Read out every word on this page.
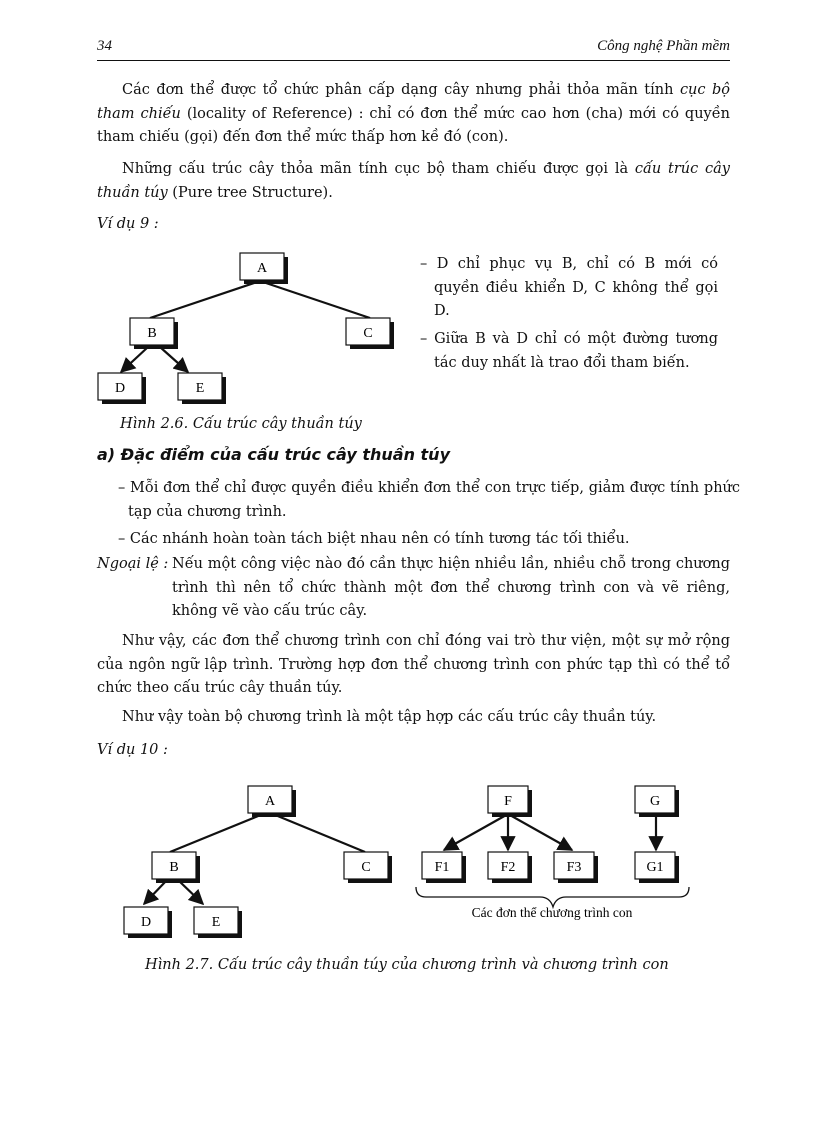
34	Công nghệ Phần mềm
Các đơn thể được tổ chức phân cấp dạng cây nhưng phải thỏa mãn tính cục bộ tham chiếu (locality of Reference) : chỉ có đơn thể mức cao hơn (cha) mới có quyền tham chiếu (gọi) đến đơn thể mức thấp hơn kề đó (con).
Những cấu trúc cây thỏa mãn tính cục bộ tham chiếu được gọi là cấu trúc cây thuần túy (Pure tree Structure).
Ví dụ 9 :
A
B	C
D	E
– D chỉ phục vụ B, chỉ có B mới có quyền điều khiển D, C không thể gọi D.
– Giữa B và D chỉ có một đường tương tác duy nhất là trao đổi tham biến.
Hình 2.6. Cấu trúc cây thuần túy
a) Đặc điểm của cấu trúc cây thuần túy
– Mỗi đơn thể chỉ được quyền điều khiển đơn thể con trực tiếp, giảm được tính phức tạp của chương trình.
– Các nhánh hoàn toàn tách biệt nhau nên có tính tương tác tối thiểu.
Ngoại lệ : Nếu một công việc nào đó cần thực hiện nhiều lần, nhiều chỗ trong chương trình thì nên tổ chức thành một đơn thể chương trình con và vẽ riêng, không vẽ vào cấu trúc cây.
Như vậy, các đơn thể chương trình con chỉ đóng vai trò thư viện, một sự mở rộng của ngôn ngữ lập trình. Trường hợp đơn thể chương trình con phức tạp thì có thể tổ chức theo cấu trúc cây thuần túy.
Như vậy toàn bộ chương trình là một tập hợp các cấu trúc cây thuần túy.
Ví dụ 10 :
A
B	C
D	E
F	G
F1	F2	F3	G1
Các đơn thể chương trình con
Hình 2.7. Cấu trúc cây thuần túy của chương trình và chương trình con
